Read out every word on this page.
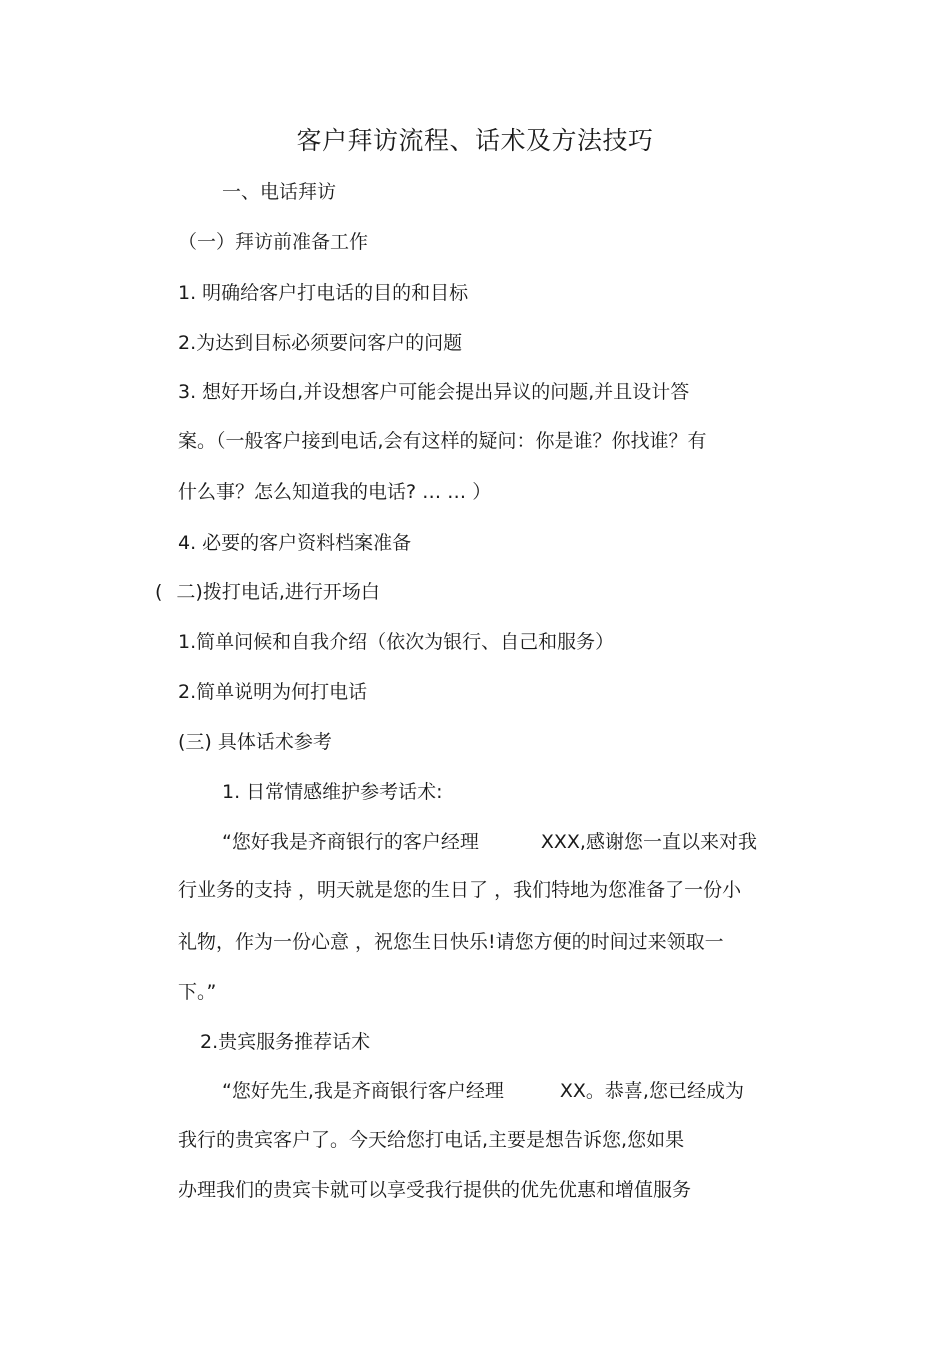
客户拜访流程、话术及方法技巧

一、电话拜访

（一）拜访前准备工作

1. 明确给客户打电话的目的和目标

2.为达到目标必须要问客户的问题

3. 想好开场白,并设想客户可能会提出异议的问题,并且设计答

案。（一般客户接到电话,会有这样的疑问：你是谁？你找谁？有

什么事？怎么知道我的电话? … … ）

4. 必要的客户资料档案准备

( 二)拨打电话,进行开场白

1.简单问候和自我介绍（依次为银行、自己和服务）

2.简单说明为何打电话

(三) 具体话术参考

1. 日常情感维护参考话术:

“您好我是齐商银行的客户经理	XXX,感谢您一直以来对我

行业务的支持 ，明天就是您的生日了 ，我们特地为您准备了一份小

礼物，作为一份心意 ，祝您生日快乐!请您方便的时间过来领取一

下。”

2.贵宾服务推荐话术

“您好先生,我是齐商银行客户经理	XX。恭喜,您已经成为

我行的贵宾客户了。今天给您打电话,主要是想告诉您,您如果

办理我们的贵宾卡就可以享受我行提供的优先优惠和增值服务
